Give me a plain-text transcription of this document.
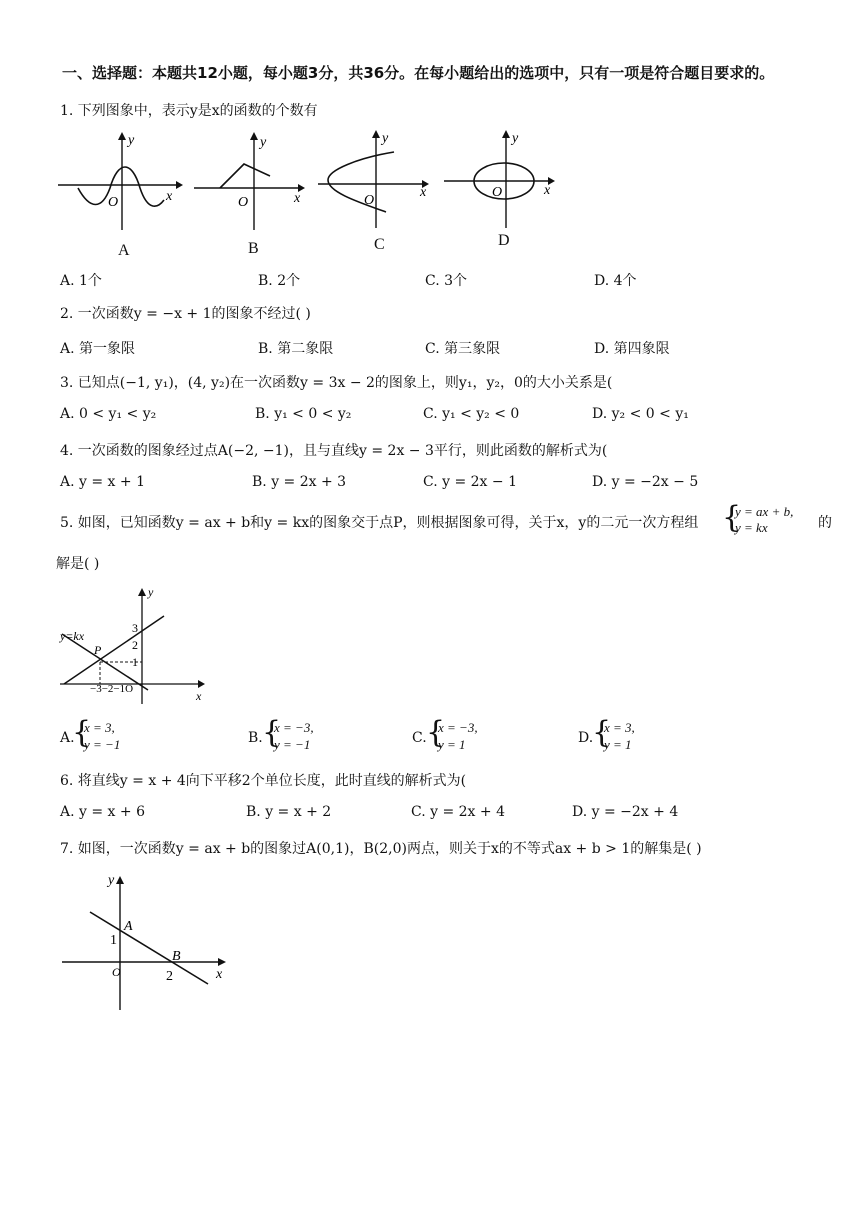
一、选择题：本题共12小题，每小题3分，共36分。在每小题给出的选项中，只有一项是符合题目要求的。
1. 下列图象中，表示y是x的函数的个数有
y
x
O
A
y
x
O
B
y
x
O
C
y
x
O
D
A. 1个	B. 2个	C. 3个	D. 4个
2. 一次函数y = −x + 1的图象不经过( )
A. 第一象限	B. 第二象限	C. 第三象限	D. 第四象限
3. 已知点(−1, y₁)，(4, y₂)在一次函数y = 3x − 2的图象上，则y₁，y₂，0的大小关系是(
A. 0 < y₁ < y₂	B. y₁ < 0 < y₂	C. y₁ < y₂ < 0	D. y₂ < 0 < y₁
4. 一次函数的图象经过点A(−2, −1)，且与直线y = 2x − 3平行，则此函数的解析式为(
A. y = x + 1	B. y = 2x + 3	C. y = 2x − 1	D. y = −2x − 5
5. 如图，已知函数y = ax + b和y = kx的图象交于点P，则根据图象可得，关于x，y的二元一次方程组 {
y = ax + b,
y = kx	的
解是( )
y=kx
P
y
x
3
2
1
−3−2−1O
A.
{
x = 3,
y = −1	B. {
x = −3,
y = −1	C. {
x = −3,
y = 1	D.
{
x = 3,
y = 1
6. 将直线y = x + 4向下平移2个单位长度，此时直线的解析式为(
A. y = x + 6	B. y = x + 2	C. y = 2x + 4	D. y = −2x + 4
7. 如图，一次函数y = ax + b的图象过A(0,1)，B(2,0)两点，则关于x的不等式ax + b > 1的解集是( )
y
x
A
B
1
2
O
